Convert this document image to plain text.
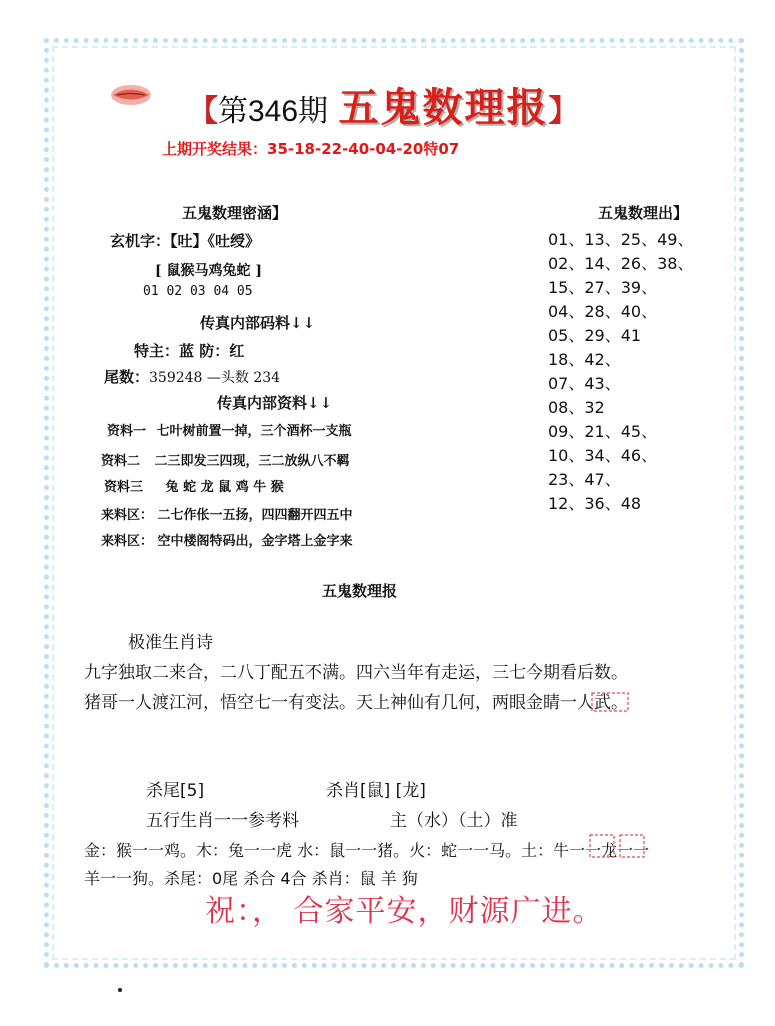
【第346期 五鬼数理报】
上期开奖结果：35-18-22-40-04-20特07
五鬼数理密涵】
玄机字：【吐】《吐绶》
[ 鼠猴马鸡兔蛇 ]
01 02 03 04 05
传真内部码料↓↓
特主：蓝 防：红
尾数：359248 —头数 234
传真内部资料↓↓
资料一 七叶树前置一掉，三个酒杯一支瓶
资料二 二三即发三四现，三二放纵八不羁
资料三 兔 蛇 龙 鼠 鸡 牛 猴
来料区： 二七作伥一五扬，四四翻开四五中
来料区： 空中楼阁特码出，金字塔上金字来
五鬼数理出】
01、13、25、49、
02、14、26、38、
15、27、39、
04、28、40、
05、29、41
18、42、
07、43、
08、32
09、21、45、
10、34、46、
23、47、
12、36、48
五鬼数理报
极准生肖诗
九字独取二来合，二八丁配五不满。四六当年有走运，三七今期看后数。
猪哥一人渡江河，悟空七一有变法。天上神仙有几何，两眼金睛一人武。
杀尾[5]	杀肖[鼠] [龙]
五行生肖一一参考料	主（水）（土）准
金：猴一一鸡。木：兔一一虎 水：鼠一一猪。火：蛇一一马。土：牛一一龙一一
羊一一狗。杀尾：0尾 杀合 4合 杀肖：鼠 羊 狗
祝：， 合家平安，财源广进。
